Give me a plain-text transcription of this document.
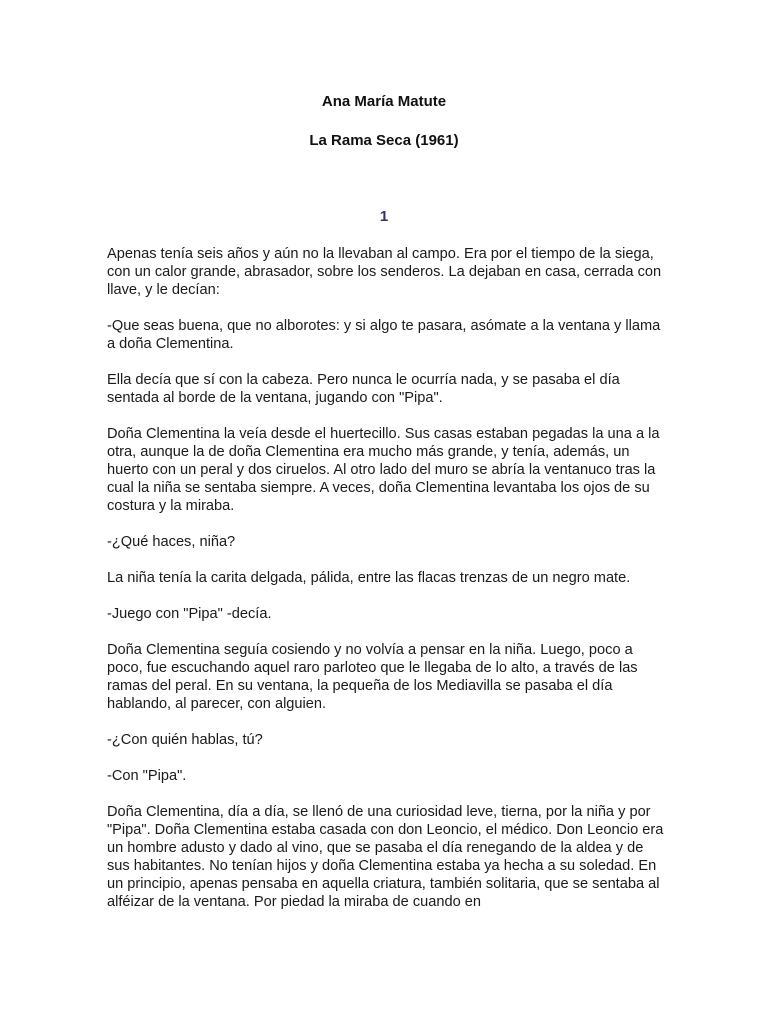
Ana María Matute
La Rama Seca (1961)
1

Apenas tenía seis años y aún no la llevaban al campo. Era por el tiempo de la siega, con un calor grande, abrasador, sobre los senderos. La dejaban en casa, cerrada con llave, y le decían:

-Que seas buena, que no alborotes: y si algo te pasara, asómate a la ventana y llama a doña Clementina.

Ella decía que sí con la cabeza. Pero nunca le ocurría nada, y se pasaba el día sentada al borde de la ventana, jugando con "Pipa".

Doña Clementina la veía desde el huertecillo. Sus casas estaban pegadas la una a la otra, aunque la de doña Clementina era mucho más grande, y tenía, además, un huerto con un peral y dos ciruelos. Al otro lado del muro se abría la ventanuco tras la cual la niña se sentaba siempre. A veces, doña Clementina levantaba los ojos de su costura y la miraba.

-¿Qué haces, niña?

La niña tenía la carita delgada, pálida, entre las flacas trenzas de un negro mate.

-Juego con "Pipa" -decía.

Doña Clementina seguía cosiendo y no volvía a pensar en la niña. Luego, poco a poco, fue escuchando aquel raro parloteo que le llegaba de lo alto, a través de las ramas del peral. En su ventana, la pequeña de los Mediavilla se pasaba el día hablando, al parecer, con alguien.

-¿Con quién hablas, tú?

-Con "Pipa".

Doña Clementina, día a día, se llenó de una curiosidad leve, tierna, por la niña y por "Pipa". Doña Clementina estaba casada con don Leoncio, el médico. Don Leoncio era un hombre adusto y dado al vino, que se pasaba el día renegando de la aldea y de sus habitantes. No tenían hijos y doña Clementina estaba ya hecha a su soledad. En un principio, apenas pensaba en aquella criatura, también solitaria, que se sentaba al alféizar de la ventana. Por piedad la miraba de cuando en
